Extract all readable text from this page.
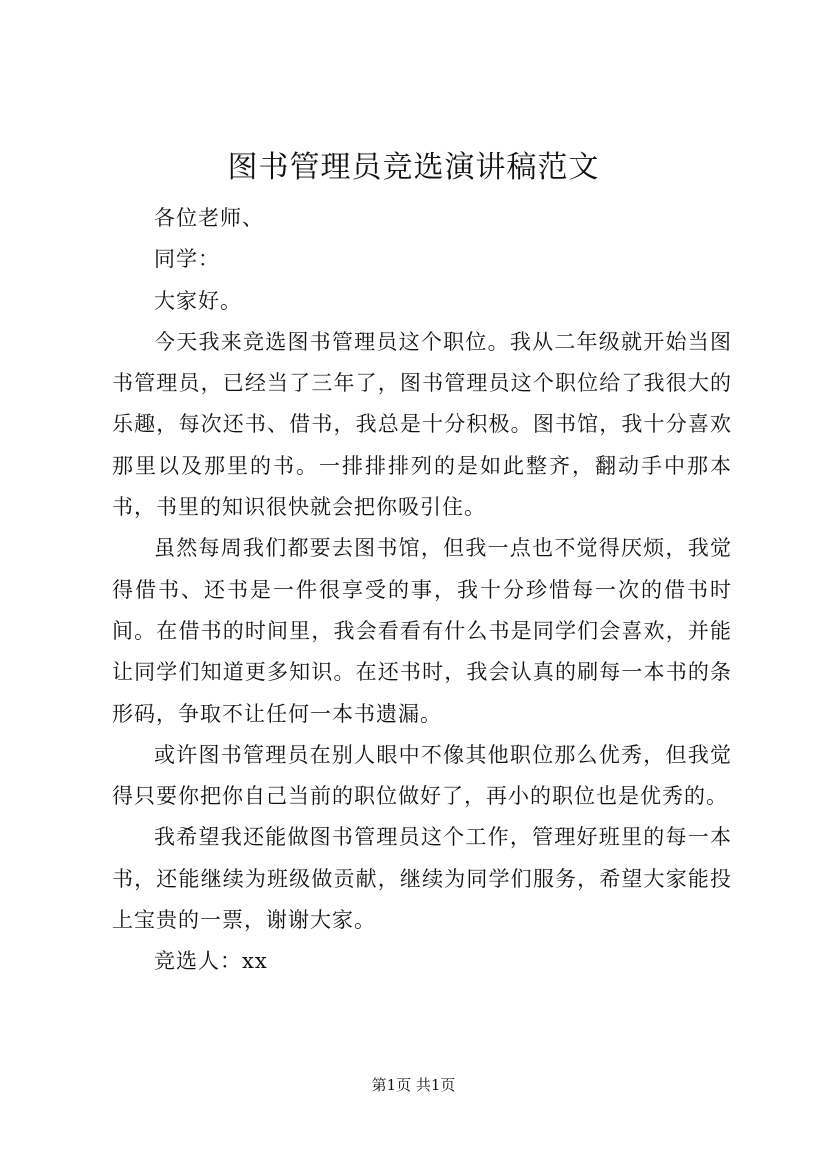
图书管理员竞选演讲稿范文

各位老师、

同学：

大家好。

今天我来竞选图书管理员这个职位。我从二年级就开始当图书管理员，已经当了三年了，图书管理员这个职位给了我很大的乐趣，每次还书、借书，我总是十分积极。图书馆，我十分喜欢那里以及那里的书。一排排排列的是如此整齐，翻动手中那本书，书里的知识很快就会把你吸引住。

虽然每周我们都要去图书馆，但我一点也不觉得厌烦，我觉得借书、还书是一件很享受的事，我十分珍惜每一次的借书时间。在借书的时间里，我会看看有什么书是同学们会喜欢，并能让同学们知道更多知识。在还书时，我会认真的刷每一本书的条形码，争取不让任何一本书遗漏。

或许图书管理员在别人眼中不像其他职位那么优秀，但我觉得只要你把你自己当前的职位做好了，再小的职位也是优秀的。

我希望我还能做图书管理员这个工作，管理好班里的每一本书，还能继续为班级做贡献，继续为同学们服务，希望大家能投上宝贵的一票，谢谢大家。

竞选人：xx

第1页 共1页
